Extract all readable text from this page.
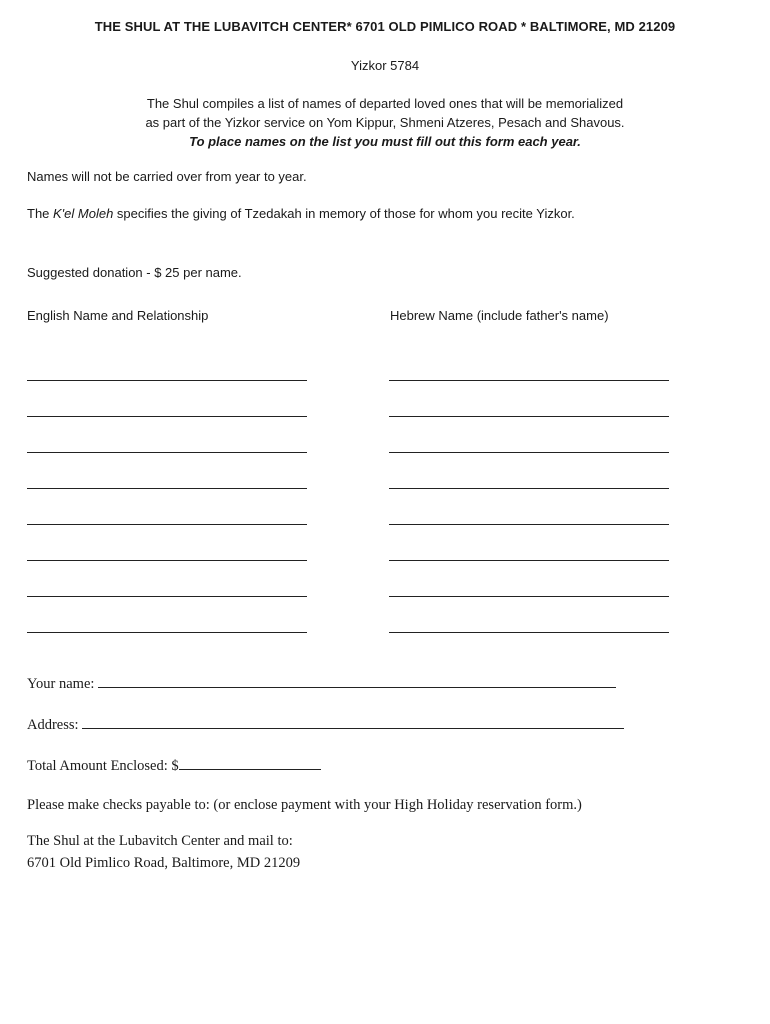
THE SHUL AT THE LUBAVITCH CENTER* 6701 OLD PIMLICO ROAD * BALTIMORE, MD 21209
Yizkor 5784
The Shul compiles a list of names of departed loved ones that will be memorialized
as part of the Yizkor service on Yom Kippur, Shmeni Atzeres, Pesach and Shavous.
To place names on the list you must fill out this form each year.
Names will not be carried over from year to year.
The K'el Moleh specifies the giving of Tzedakah in memory of those for whom you recite Yizkor.
Suggested donation - $ 25 per name.
English Name and Relationship	Hebrew Name (include father's name)
Your name:
Address:
Total Amount Enclosed: $
Please make checks payable to: (or enclose payment with your High Holiday reservation form.)
The Shul at the Lubavitch Center and mail to:
6701 Old Pimlico Road, Baltimore, MD 21209
